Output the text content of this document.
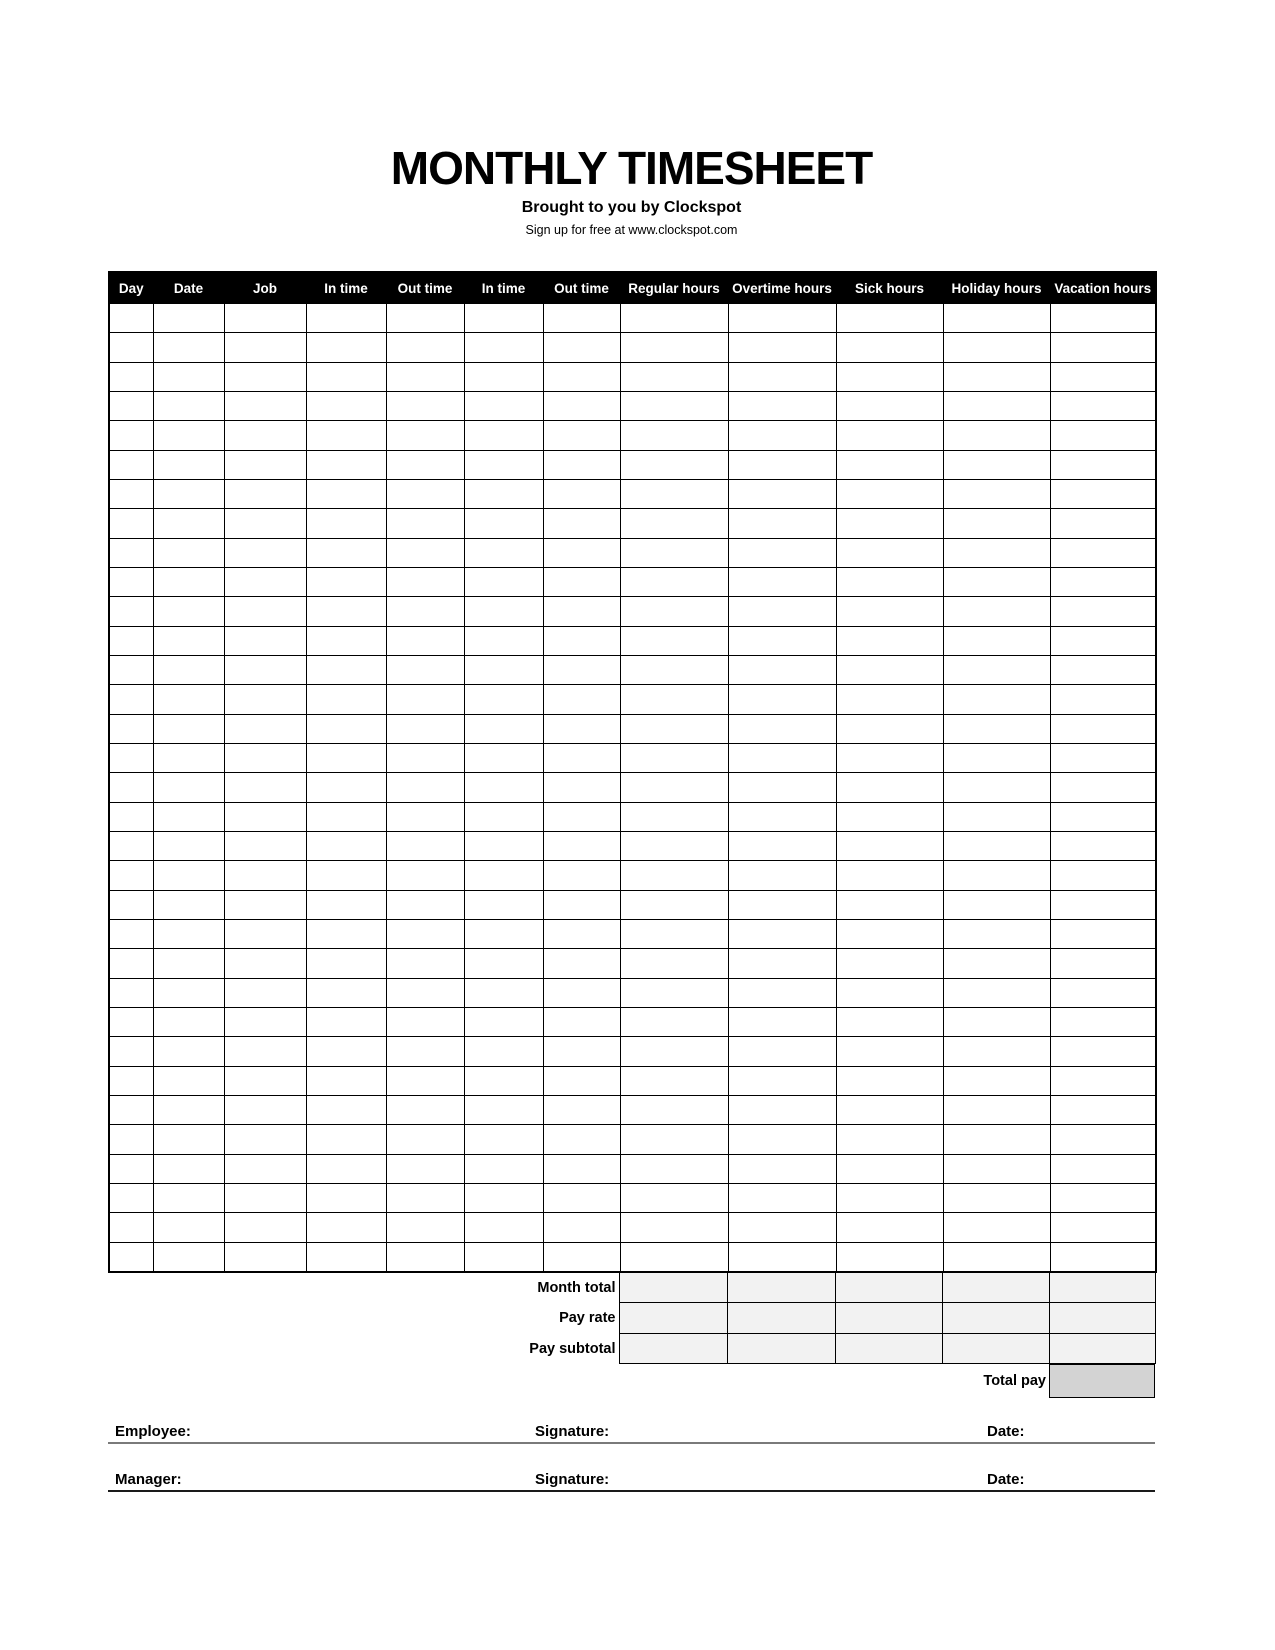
MONTHLY TIMESHEET
Brought to you by Clockspot
Sign up for free at www.clockspot.com
Day	Date	Job	In time	Out time	In time	Out time	Regular hours	Overtime hours	Sick hours	Holiday hours	Vacation hours

Month total					
Pay rate					
Pay subtotal					
Total pay
Employee:	Signature:	Date:
Manager:	Signature:	Date:
